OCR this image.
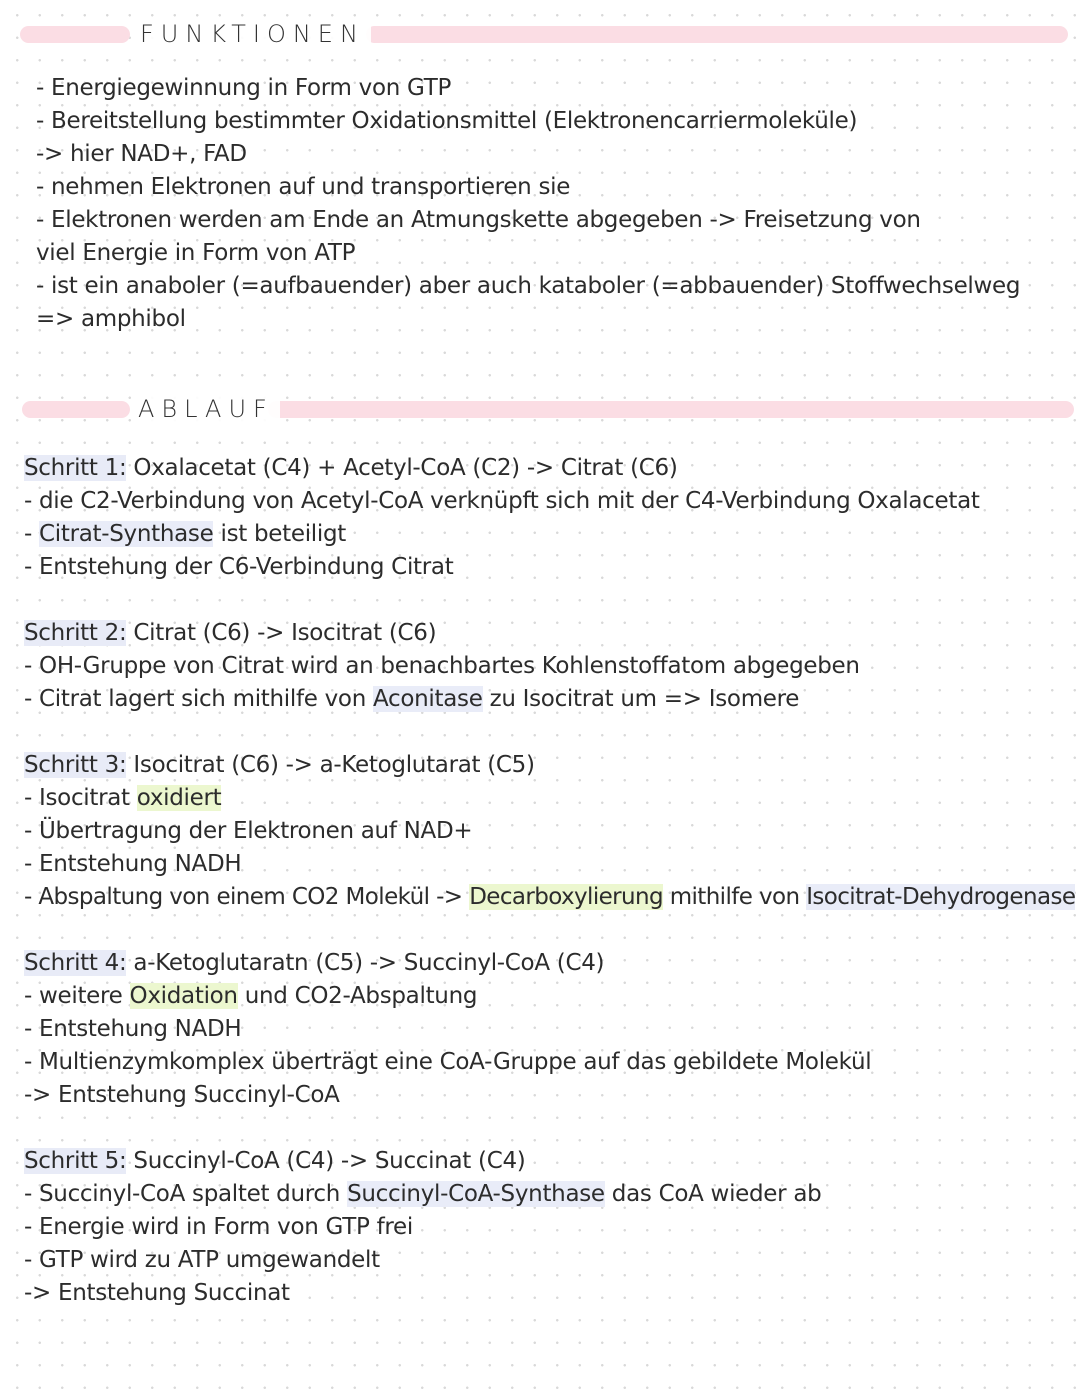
FUNKTIONEN
- Energiegewinnung in Form von GTP
- Bereitstellung bestimmter Oxidationsmittel (Elektronencarriermoleküle)
-> hier NAD+, FAD
- nehmen Elektronen auf und transportieren sie
- Elektronen werden am Ende an Atmungskette abgegeben -> Freisetzung von
viel Energie in Form von ATP
- ist ein anaboler (=aufbauender) aber auch kataboler (=abbauender) Stoffwechselweg
=> amphibol
ABLAUF
Schritt 1: Oxalacetat (C4) + Acetyl-CoA (C2) -> Citrat (C6)
- die C2-Verbindung von Acetyl-CoA verknüpft sich mit der C4-Verbindung Oxalacetat
- Citrat-Synthase ist beteiligt
- Entstehung der C6-Verbindung Citrat
Schritt 2: Citrat (C6) -> Isocitrat (C6)
- OH-Gruppe von Citrat wird an benachbartes Kohlenstoffatom abgegeben
- Citrat lagert sich mithilfe von Aconitase zu Isocitrat um => Isomere
Schritt 3: Isocitrat (C6) -> a-Ketoglutarat (C5)
- Isocitrat oxidiert
- Übertragung der Elektronen auf NAD+
- Entstehung NADH
- Abspaltung von einem CO2 Molekül -> Decarboxylierung mithilfe von Isocitrat-Dehydrogenase
Schritt 4: a-Ketoglutaratn (C5) -> Succinyl-CoA (C4)
- weitere Oxidation und CO2-Abspaltung
- Entstehung NADH
- Multienzymkomplex überträgt eine CoA-Gruppe auf das gebildete Molekül
-> Entstehung Succinyl-CoA
Schritt 5: Succinyl-CoA (C4) -> Succinat (C4)
- Succinyl-CoA spaltet durch Succinyl-CoA-Synthase das CoA wieder ab
- Energie wird in Form von GTP frei
- GTP wird zu ATP umgewandelt
-> Entstehung Succinat
